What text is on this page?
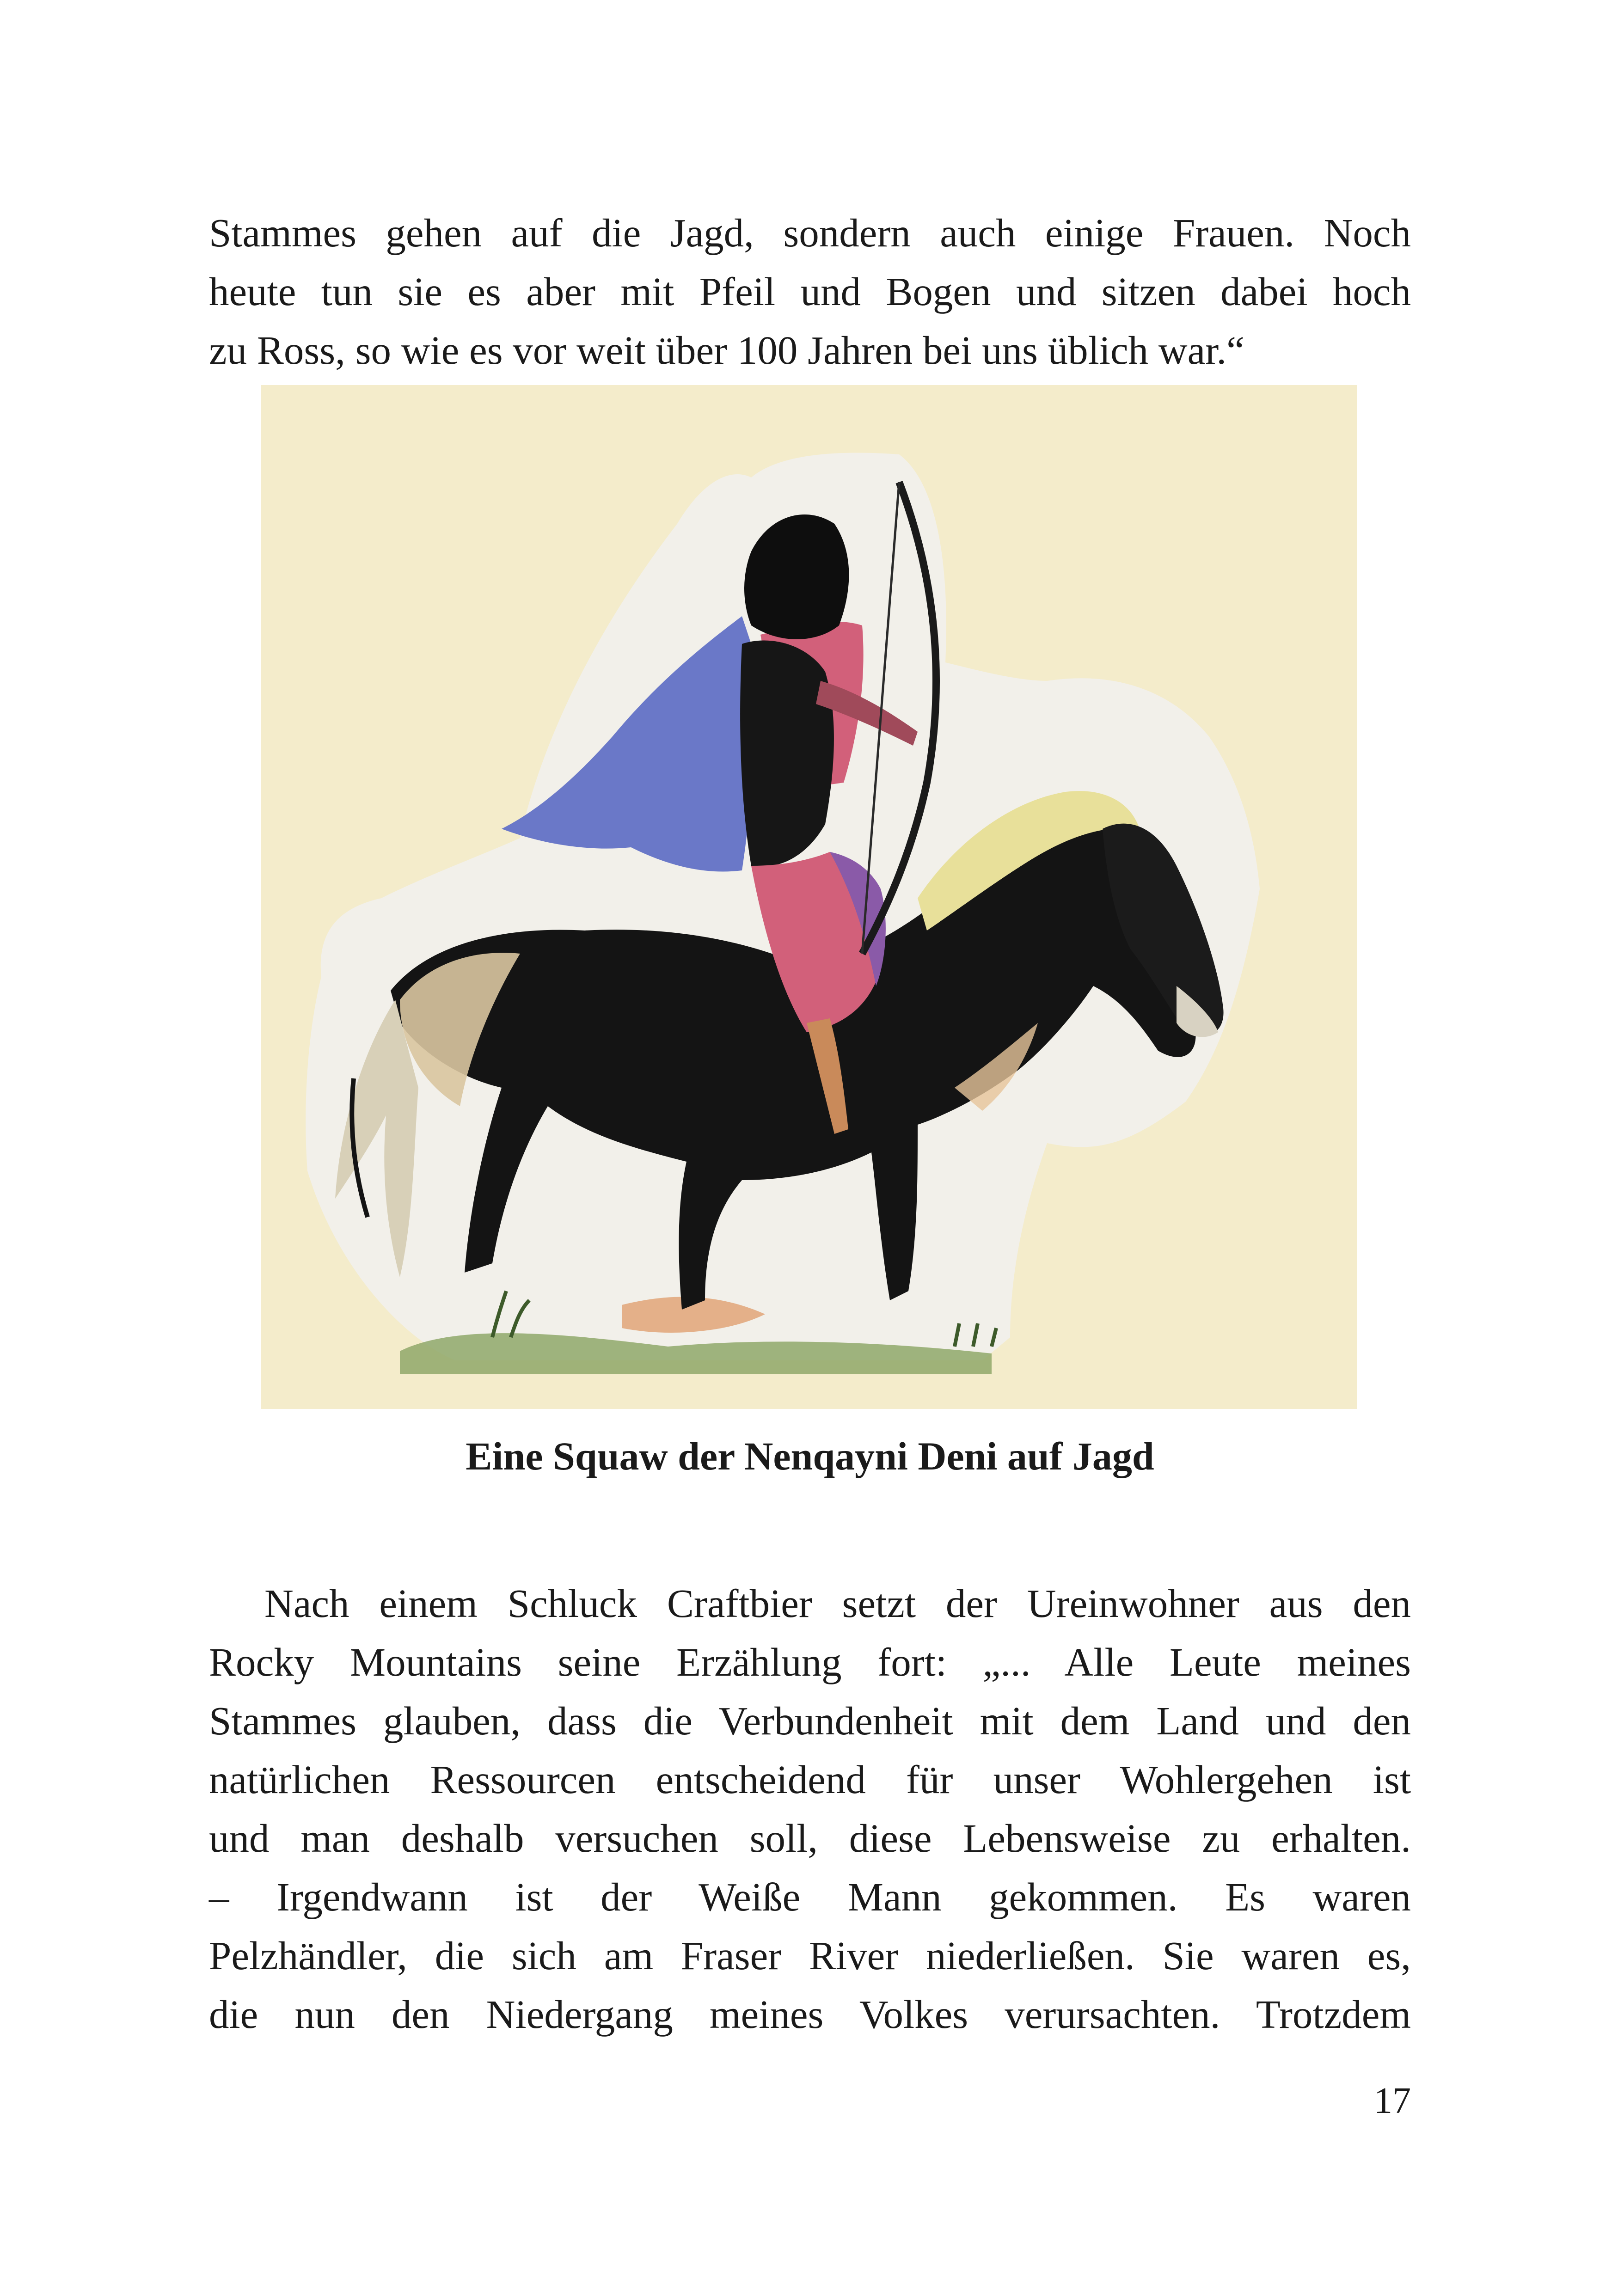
Stammes gehen auf die Jagd, sondern auch einige Frauen. Noch
heute tun sie es aber mit Pfeil und Bogen und sitzen dabei hoch
zu Ross, so wie es vor weit über 100 Jahren bei uns üblich war.“

Eine Squaw der Nenqayni Deni auf Jagd

Nach einem Schluck Craftbier setzt der Ureinwohner aus den
Rocky Mountains seine Erzählung fort: „... Alle Leute meines
Stammes glauben, dass die Verbundenheit mit dem Land und den
natürlichen Ressourcen entscheidend für unser Wohlergehen ist
und man deshalb versuchen soll, diese Lebensweise zu erhalten.
– Irgendwann ist der Weiße Mann gekommen. Es waren
Pelzhändler, die sich am Fraser River niederließen. Sie waren es,
die nun den Niedergang meines Volkes verursachten. Trotzdem

17
